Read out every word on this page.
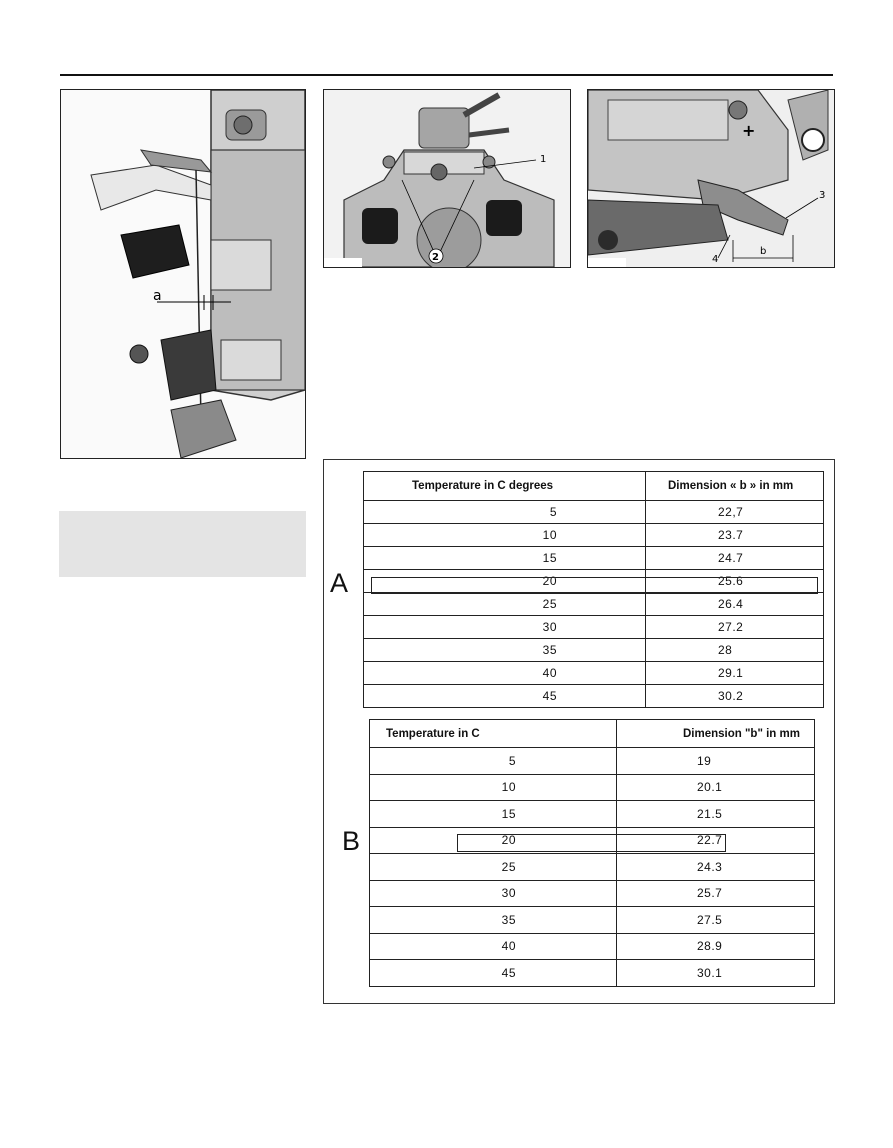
a
2
1
+
b
3
4
A
Temperature in C degrees	Dimension « b » in mm
5	22,7
10	23.7
15	24.7
20	25.6
25	26.4
30	27.2
35	28
40	29.1
45	30.2
B
Temperature in C	Dimension "b" in mm
5	19
10	20.1
15	21.5
20	22.7
25	24.3
30	25.7
35	27.5
40	28.9
45	30.1
